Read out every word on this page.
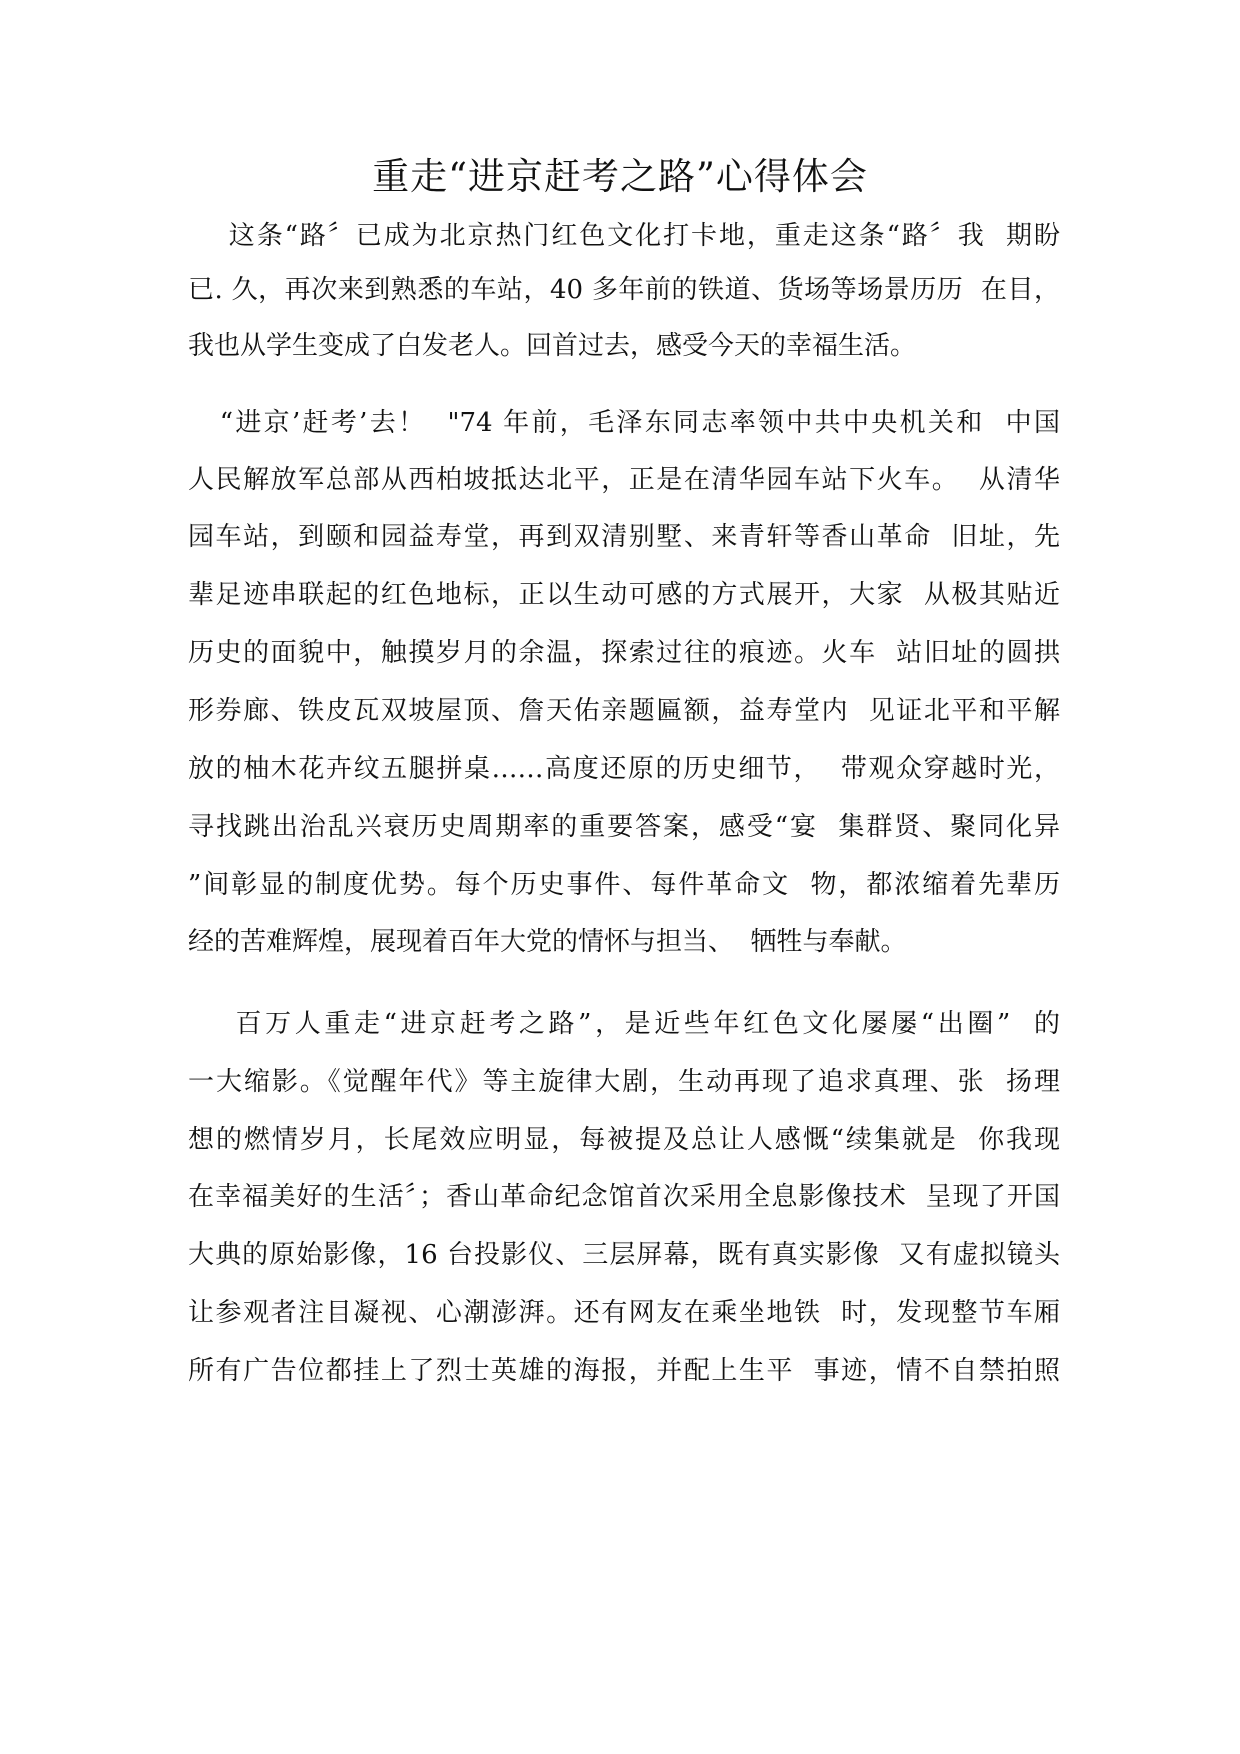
重走“进京赶考之路”心得体会
这条“路〞已成为北京热门红色文化打卡地，重走这条“路〞我  期盼
已. 久，再次来到熟悉的车站，40 多年前的铁道、货场等场景历历  在目，
我也从学生变成了白发老人。回首过去，感受今天的幸福生活。
“进京’赶考’去！  "74 年前，毛泽东同志率领中共中央机关和  中国
人民解放军总部从西柏坡抵达北平，正是在清华园车站下火车。  从清华
园车站，到颐和园益寿堂，再到双清别墅、来青轩等香山革命  旧址，先
辈足迹串联起的红色地标，正以生动可感的方式展开，大家  从极其贴近
历史的面貌中，触摸岁月的余温，探索过往的痕迹。火车  站旧址的圆拱
形券廊、铁皮瓦双坡屋顶、詹天佑亲题匾额，益寿堂内  见证北平和平解
放的柚木花卉纹五腿拼桌……高度还原的历史细节，  带观众穿越时光，
寻找跳出治乱兴衰历史周期率的重要答案，感受“宴  集群贤、聚同化异
”间彰显的制度优势。每个历史事件、每件革命文  物，都浓缩着先辈历
经的苦难辉煌，展现着百年大党的情怀与担当、  牺牲与奉献。
百万人重走“进京赶考之路”，是近些年红色文化屡屡“出圈”  的
一大缩影。《觉醒年代》等主旋律大剧，生动再现了追求真理、张  扬理
想的燃情岁月，长尾效应明显，每被提及总让人感慨“续集就是  你我现
在幸福美好的生活〞；香山革命纪念馆首次采用全息影像技术  呈现了开国
大典的原始影像，16 台投影仪、三层屏幕，既有真实影像  又有虚拟镜头
让参观者注目凝视、心潮澎湃。还有网友在乘坐地铁  时，发现整节车厢
所有广告位都挂上了烈士英雄的海报，并配上生平  事迹，情不自禁拍照
